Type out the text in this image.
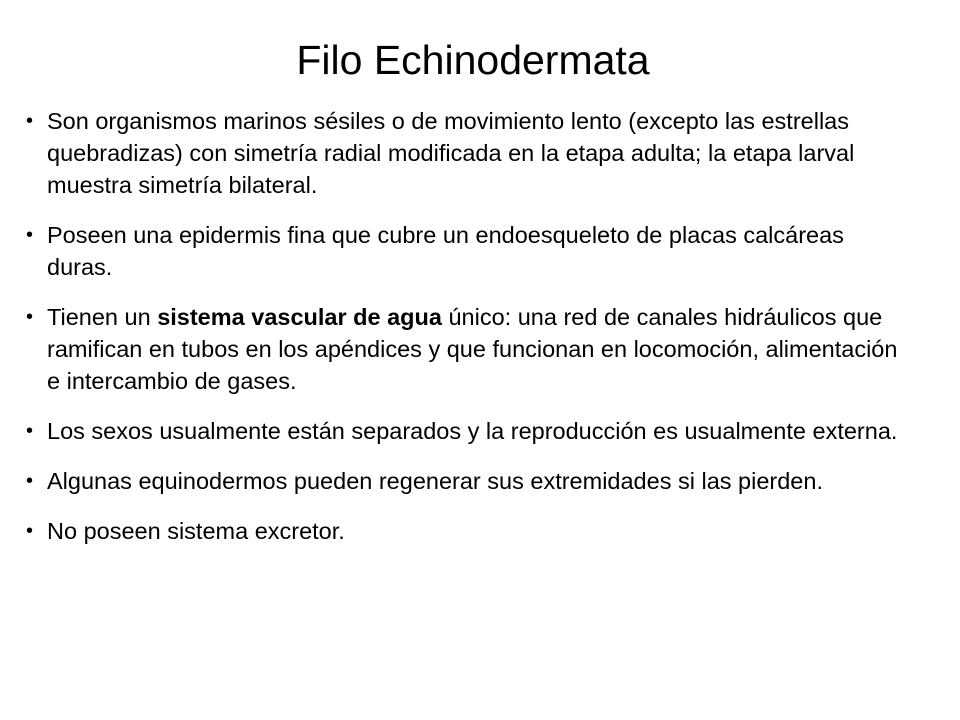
Filo Echinodermata
• Son organismos marinos sésiles o de movimiento lento (excepto las estrellas quebradizas) con simetría radial modificada en la etapa adulta; la etapa larval muestra simetría bilateral.
• Poseen una epidermis fina que cubre un endoesqueleto de placas calcáreas duras.
• Tienen un sistema vascular de agua único: una red de canales hidráulicos que ramifican en tubos en los apéndices y que funcionan en locomoción, alimentación e intercambio de gases.
• Los sexos usualmente están separados y la reproducción es usualmente externa.
• Algunas equinodermos pueden regenerar sus extremidades si las pierden.
• No poseen sistema excretor.
